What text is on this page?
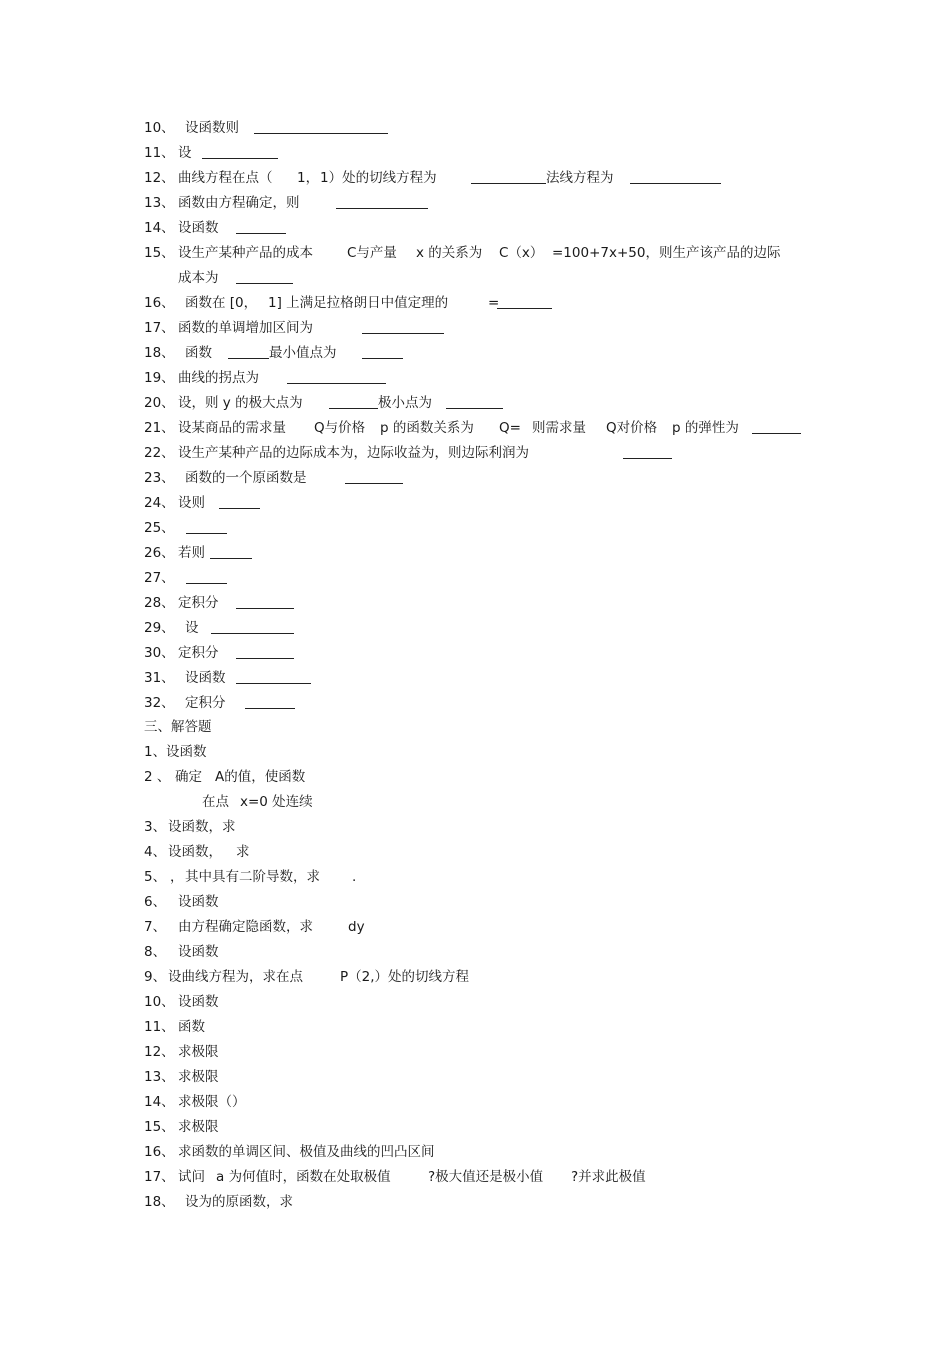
10、 设函数则
11、 设
12、 曲线方程在点（ 1， 1）处的切线方程为	法线方程为
13、 函数由方程确定，则
14、 设函数
15、 设生产某种产品的成本	C与产量 x 的关系为 C（x） =100+7x+50，则生产该产品的边际
成本为
16、 函数在 [0， 1] 上满足拉格朗日中值定理的	=
17、 函数的单调增加区间为
18、 函数	最小值点为
19、 曲线的拐点为
20、 设，则 y 的极大点为	极小点为
21、 设某商品的需求量 Q与价格 p 的函数关系为 Q= 则需求量 Q对价格 p 的弹性为
22、 设生产某种产品的边际成本为，边际收益为，则边际利润为
23、 函数的一个原函数是
24、 设则
25、
26、 若则
27、
28、 定积分
29、 设
30、 定积分
31、 设函数
32、 定积分
三、解答题
1、 设函数
2 、 确定 A的值，使函数
在点 x=0 处连续
3、 设函数，求
4、 设函数， 求
5、 ， 其中具有二阶导数，求 .
6、 设函数
7、 由方程确定隐函数，求	dy
8、 设函数
9、 设曲线方程为，求在点	P（2,）处的切线方程
10、 设函数
11、 函数
12、 求极限
13、 求极限
14、 求极限（）
15、 求极限
16、 求函数的单调区间、极值及曲线的凹凸区间
17、 试问 a 为何值时，函数在处取极值	?极大值还是极小值 ?并求此极值
18、 设为的原函数，求
